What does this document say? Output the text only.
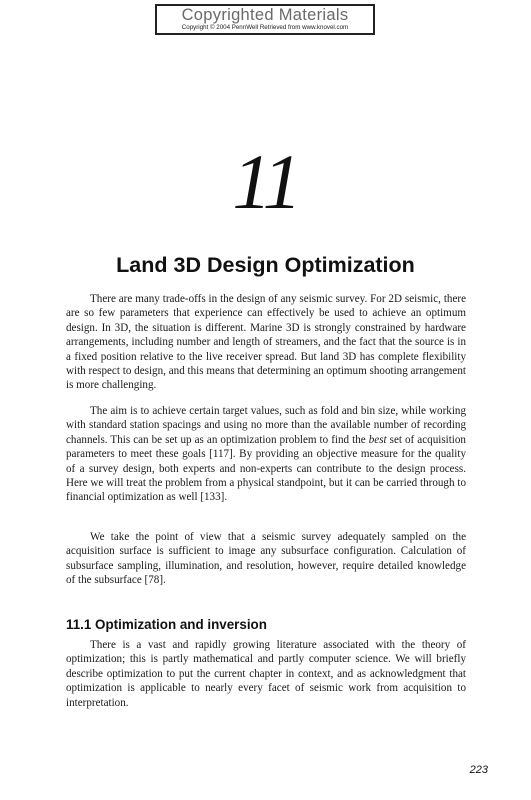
Copyrighted Materials
Copyright © 2004 PennWell Retrieved from www.knovel.com
11
Land 3D Design Optimization

There are many trade-offs in the design of any seismic survey. For 2D seismic, there are so few parameters that experience can effectively be used to achieve an optimum design. In 3D, the situation is different. Marine 3D is strongly constrained by hardware arrangements, including number and length of streamers, and the fact that the source is in a fixed position relative to the live receiver spread. But land 3D has complete flexibility with respect to design, and this means that determining an optimum shooting arrangement is more challenging.

The aim is to achieve certain target values, such as fold and bin size, while working with standard station spacings and using no more than the available number of recording channels. This can be set up as an optimization problem to find the best set of acquisition parameters to meet these goals [117]. By providing an objective measure for the quality of a survey design, both experts and non-experts can contribute to the design process. Here we will treat the problem from a physical standpoint, but it can be carried through to financial optimization as well [133].

We take the point of view that a seismic survey adequately sampled on the acquisition surface is sufficient to image any subsurface configuration. Calculation of subsurface sampling, illumination, and resolution, however, require detailed knowledge of the subsurface [78].

11.1 Optimization and inversion

There is a vast and rapidly growing literature associated with the theory of optimization; this is partly mathematical and partly computer science. We will briefly describe optimization to put the current chapter in context, and as acknowledgment that optimization is applicable to nearly every facet of seismic work from acquisition to interpretation.

223
